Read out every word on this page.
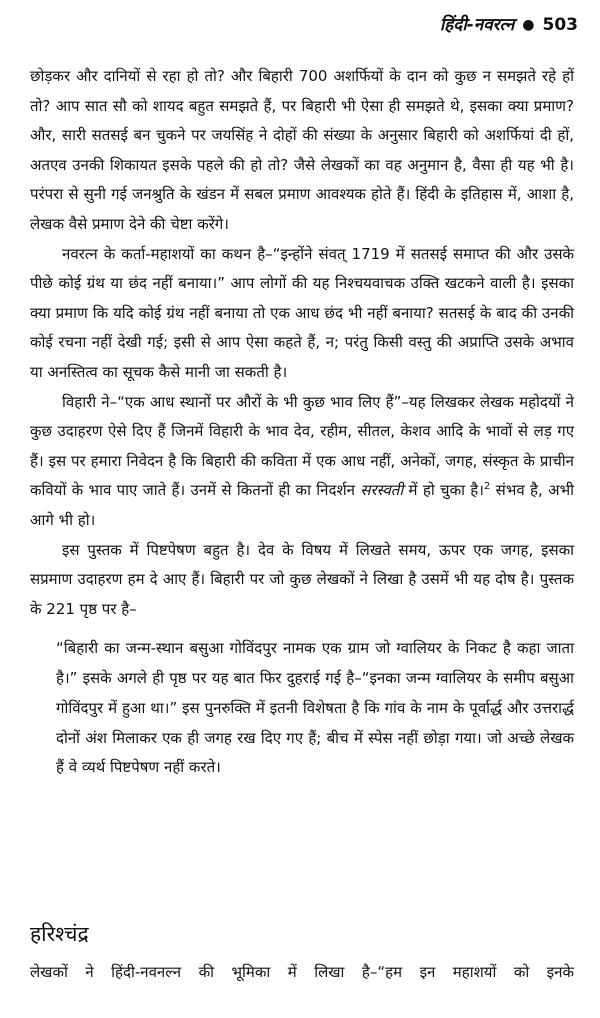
हिंदी-नवरत्न ● 503

छोड़कर और दानियों से रहा हो तो? और बिहारी 700 अशर्फियों के दान को कुछ न समझते रहे हों तो? आप सात सौ को शायद बहुत समझते हैं, पर बिहारी भी ऐसा ही समझते थे, इसका क्या प्रमाण? और, सारी सतसई बन चुकने पर जयसिंह ने दोहों की संख्या के अनुसार बिहारी को अशर्फियां दी हों, अतएव उनकी शिकायत इसके पहले की हो तो? जैसे लेखकों का वह अनुमान है, वैसा ही यह भी है। परंपरा से सुनी गई जनश्रुति के खंडन में सबल प्रमाण आवश्यक होते हैं। हिंदी के इतिहास में, आशा है, लेखक वैसे प्रमाण देने की चेष्टा करेंगे।

नवरत्न के कर्ता-महाशयों का कथन है–“इन्होंने संवत् 1719 में सतसई समाप्त की और उसके पीछे कोई ग्रंथ या छंद नहीं बनाया।” आप लोगों की यह निश्चयवाचक उक्ति खटकने वाली है। इसका क्या प्रमाण कि यदि कोई ग्रंथ नहीं बनाया तो एक आध छंद भी नहीं बनाया? सतसई के बाद की उनकी कोई रचना नहीं देखी गई; इसी से आप ऐसा कहते हैं, न; परंतु किसी वस्तु की अप्राप्ति उसके अभाव या अनस्तित्व का सूचक कैसे मानी जा सकती है।

विहारी ने–“एक आध स्थानों पर औरों के भी कुछ भाव लिए हैं”–यह लिखकर लेखक महोदयों ने कुछ उदाहरण ऐसे दिए हैं जिनमें विहारी के भाव देव, रहीम, सीतल, केशव आदि के भावों से लड़ गए हैं। इस पर हमारा निवेदन है कि बिहारी की कविता में एक आध नहीं, अनेकों, जगह, संस्कृत के प्राचीन कवियों के भाव पाए जाते हैं। उनमें से कितनों ही का निदर्शन सरस्वती में हो चुका है।$^2$ संभव है, अभी आगे भी हो।

इस पुस्तक में पिष्टपेषण बहुत है। देव के विषय में लिखते समय, ऊपर एक जगह, इसका सप्रमाण उदाहरण हम दे आए हैं। बिहारी पर जो कुछ लेखकों ने लिखा है उसमें भी यह दोष है। पुस्तक के 221 पृष्ठ पर है–

“बिहारी का जन्म-स्थान बसुआ गोविंदपुर नामक एक ग्राम जो ग्वालियर के निकट है कहा जाता है।” इसके अगले ही पृष्ठ पर यह बात फिर दुहराई गई है–“इनका जन्म ग्वालियर के समीप बसुआ गोविंदपुर में हुआ था।” इस पुनरुक्ति में इतनी विशेषता है कि गांव के नाम के पूर्वार्द्ध और उत्तरार्द्ध दोनों अंश मिलाकर एक ही जगह रख दिए गए हैं; बीच में स्पेस नहीं छोड़ा गया। जो अच्छे लेखक हैं वे व्यर्थ पिष्टपेषण नहीं करते।

हरिश्चंद्र

लेखकों ने हिंदी-नवनल्न की भूमिका में लिखा है–“हम इन महाशयों को इनके
